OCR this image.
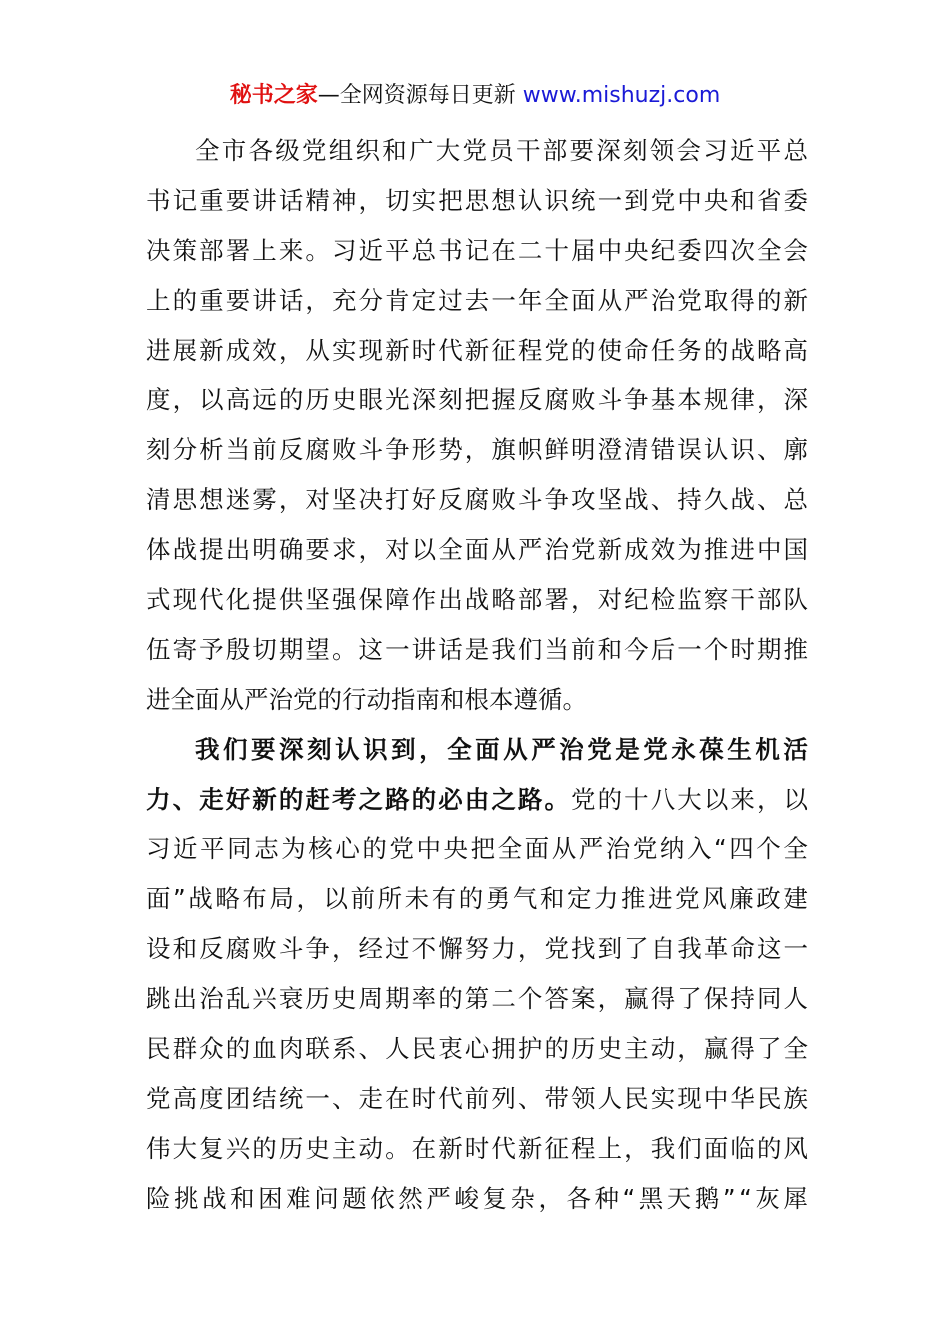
秘书之家—全网资源每日更新 www.mishuzj.com
全 市 各 级 党 组 织 和 广 大 党 员 干 部 要 深 刻 领 会 习 近 平 总
书 记 重 要 讲 话 精 神 ， 切 实 把 思 想 认 识 统 一 到 党 中 央 和 省 委
决 策 部 署 上 来 。 习 近 平 总 书 记 在 二 十 届 中 央 纪 委 四 次 全 会
上 的 重 要 讲 话 ， 充 分 肯 定 过 去 一 年 全 面 从 严 治 党 取 得 的 新
进 展 新 成 效 ， 从 实 现 新 时 代 新 征 程 党 的 使 命 任 务 的 战 略 高
度 ， 以 高 远 的 历 史 眼 光 深 刻 把 握 反 腐 败 斗 争 基 本 规 律 ， 深
刻 分 析 当 前 反 腐 败 斗 争 形 势 ， 旗 帜 鲜 明 澄 清 错 误 认 识 、 廓
清 思 想 迷 雾 ， 对 坚 决 打 好 反 腐 败 斗 争 攻 坚 战 、 持 久 战 、 总
体 战 提 出 明 确 要 求 ， 对 以 全 面 从 严 治 党 新 成 效 为 推 进 中 国
式 现 代 化 提 供 坚 强 保 障 作 出 战 略 部 署 ， 对 纪 检 监 察 干 部 队
伍 寄 予 殷 切 期 望 。 这 一 讲 话 是 我 们 当 前 和 今 后 一 个 时 期 推
进全面从严治党的行动指南和根本遵循。
我 们 要 深 刻 认 识 到 ， 全 面 从 严 治 党 是 党 永 葆 生 机 活
力 、 走 好 新 的 赶 考 之 路 的 必 由 之 路 。 党 的 十 八 大 以 来 ， 以
习 近 平 同 志 为 核 心 的 党 中 央 把 全 面 从 严 治 党 纳 入 “ 四 个 全
面 ” 战 略 布 局 ， 以 前 所 未 有 的 勇 气 和 定 力 推 进 党 风 廉 政 建
设 和 反 腐 败 斗 争 ， 经 过 不 懈 努 力 ， 党 找 到 了 自 我 革 命 这 一
跳 出 治 乱 兴 衰 历 史 周 期 率 的 第 二 个 答 案 ， 赢 得 了 保 持 同 人
民 群 众 的 血 肉 联 系 、 人 民 衷 心 拥 护 的 历 史 主 动 ， 赢 得 了 全
党 高 度 团 结 统 一 、 走 在 时 代 前 列 、 带 领 人 民 实 现 中 华 民 族
伟 大 复 兴 的 历 史 主 动 。 在 新 时 代 新 征 程 上 ， 我 们 面 临 的 风
险 挑 战 和 困 难 问 题 依 然 严 峻 复 杂 ， 各 种 “ 黑 天 鹅 ” “ 灰 犀
